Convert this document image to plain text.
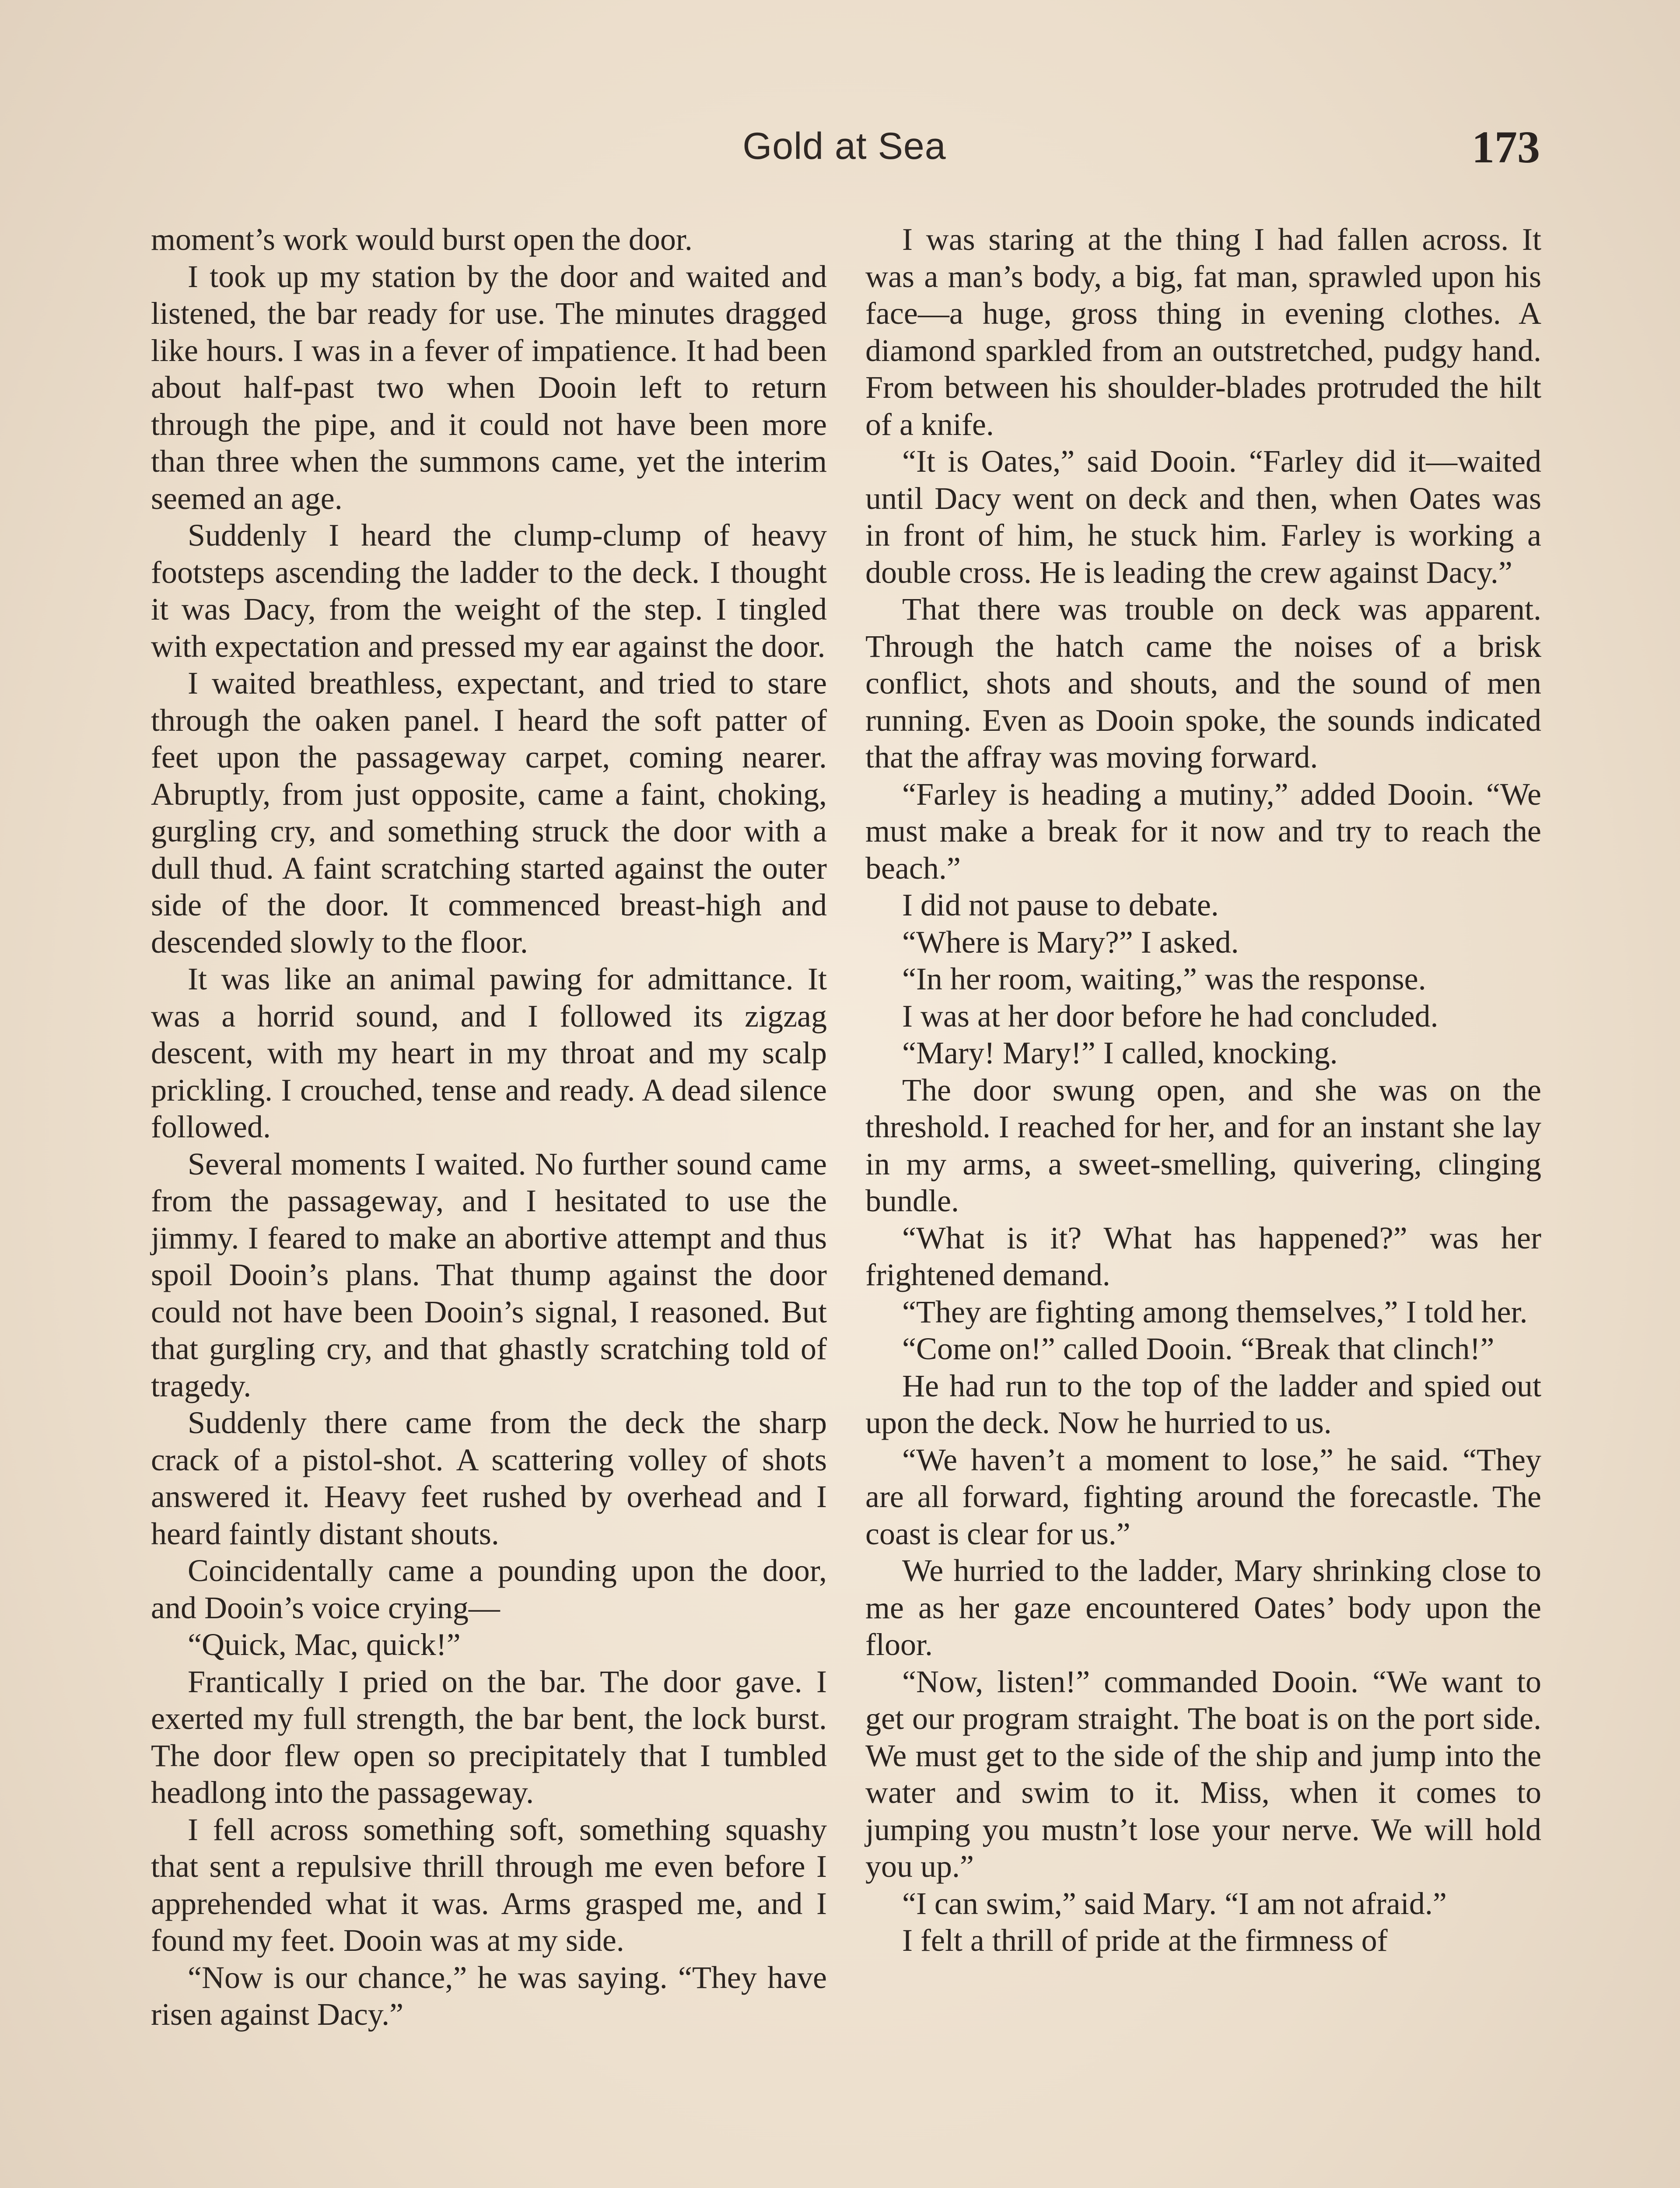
Gold at Sea	173

moment’s work would burst open the door.

I took up my station by the door and waited and listened, the bar ready for use. The minutes dragged like hours. I was in a fever of impatience. It had been about half-past two when Dooin left to return through the pipe, and it could not have been more than three when the summons came, yet the interim seemed an age.

Suddenly I heard the clump-clump of heavy footsteps ascending the ladder to the deck. I thought it was Dacy, from the weight of the step. I tingled with expectation and pressed my ear against the door.

I waited breathless, expectant, and tried to stare through the oaken panel. I heard the soft patter of feet upon the passageway carpet, coming nearer. Abruptly, from just opposite, came a faint, choking, gurgling cry, and something struck the door with a dull thud. A faint scratching started against the outer side of the door. It commenced breast-high and descended slowly to the floor.

It was like an animal pawing for admittance. It was a horrid sound, and I followed its zigzag descent, with my heart in my throat and my scalp prickling. I crouched, tense and ready. A dead silence followed.

Several moments I waited. No further sound came from the passageway, and I hesitated to use the jimmy. I feared to make an abortive attempt and thus spoil Dooin’s plans. That thump against the door could not have been Dooin’s signal, I reasoned. But that gurgling cry, and that ghastly scratching told of tragedy.

Suddenly there came from the deck the sharp crack of a pistol-shot. A scattering volley of shots answered it. Heavy feet rushed by overhead and I heard faintly distant shouts.

Coincidentally came a pounding upon the door, and Dooin’s voice crying—

“Quick, Mac, quick!”

Frantically I pried on the bar. The door gave. I exerted my full strength, the bar bent, the lock burst. The door flew open so precipitately that I tumbled headlong into the passageway.

I fell across something soft, something squashy that sent a repulsive thrill through me even before I apprehended what it was. Arms grasped me, and I found my feet. Dooin was at my side.

“Now is our chance,” he was saying. “They have risen against Dacy.”

I was staring at the thing I had fallen across. It was a man’s body, a big, fat man, sprawled upon his face—a huge, gross thing in evening clothes. A diamond sparkled from an outstretched, pudgy hand. From between his shoulder-blades protruded the hilt of a knife.

“It is Oates,” said Dooin. “Farley did it—waited until Dacy went on deck and then, when Oates was in front of him, he stuck him. Farley is working a double cross. He is leading the crew against Dacy.”

That there was trouble on deck was apparent. Through the hatch came the noises of a brisk conflict, shots and shouts, and the sound of men running. Even as Dooin spoke, the sounds indicated that the affray was moving forward.

“Farley is heading a mutiny,” added Dooin. “We must make a break for it now and try to reach the beach.”

I did not pause to debate.

“Where is Mary?” I asked.

“In her room, waiting,” was the response.

I was at her door before he had concluded.

“Mary! Mary!” I called, knocking.

The door swung open, and she was on the threshold. I reached for her, and for an instant she lay in my arms, a sweet-smelling, quivering, clinging bundle.

“What is it? What has happened?” was her frightened demand.

“They are fighting among themselves,” I told her.

“Come on!” called Dooin. “Break that clinch!”

He had run to the top of the ladder and spied out upon the deck. Now he hurried to us.

“We haven’t a moment to lose,” he said. “They are all forward, fighting around the forecastle. The coast is clear for us.”

We hurried to the ladder, Mary shrinking close to me as her gaze encountered Oates’ body upon the floor.

“Now, listen!” commanded Dooin. “We want to get our program straight. The boat is on the port side. We must get to the side of the ship and jump into the water and swim to it. Miss, when it comes to jumping you mustn’t lose your nerve. We will hold you up.”

“I can swim,” said Mary. “I am not afraid.”

I felt a thrill of pride at the firmness of
